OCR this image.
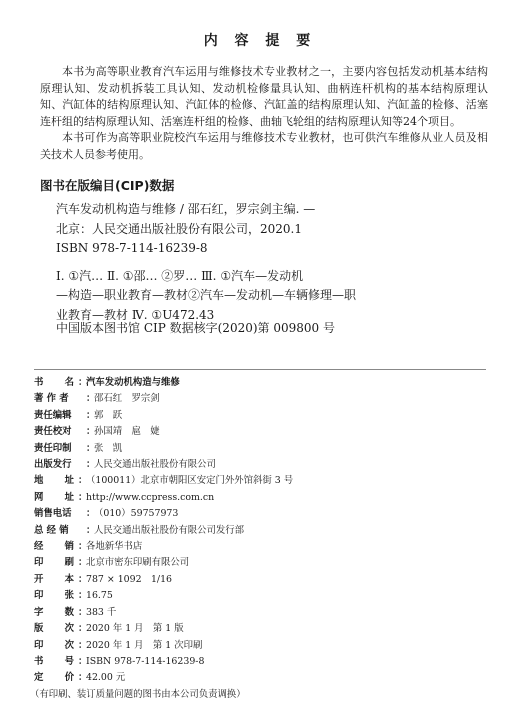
内 容 提 要

本书为高等职业教育汽车运用与维修技术专业教材之一，主要内容包括发动机基本结构原理认知、发动机拆装工具认知、发动机检修量具认知、曲柄连杆机构的基本结构原理认知、汽缸体的结构原理认知、汽缸体的检修、汽缸盖的结构原理认知、汽缸盖的检修、活塞连杆组的结构原理认知、活塞连杆组的检修、曲轴飞轮组的结构原理认知等24个项目。

本书可作为高等职业院校汽车运用与维修技术专业教材，也可供汽车维修从业人员及相关技术人员参考使用。

图书在版编目(CIP)数据
汽车发动机构造与维修 / 邵石红，罗宗剑主编. —
北京：人民交通出版社股份有限公司，2020.1
ISBN 978-7-114-16239-8
Ⅰ. ①汽… Ⅱ. ①邵… ②罗… Ⅲ. ①汽车—发动机
—构造—职业教育—教材②汽车—发动机—车辆修理—职
业教育—教材 Ⅳ. ①U472.43
中国版本图书馆 CIP 数据核字(2020)第 009800 号
书 名 ：
汽车发动机构造与维修
著 作 者	：
邵石红　罗宗剑
责任编辑	：
郭　跃
责任校对	：
孙国靖　扈　婕
责任印制	：
张　凯
出版发行	：
人民交通出版社股份有限公司
地 址 ：
（100011）北京市朝阳区安定门外外馆斜街 3 号
网 址 ：
http://www.ccpress.com.cn
销售电话	：
（010）59757973
总 经 销	：
人民交通出版社股份有限公司发行部
经 销 ：
各地新华书店
印 刷 ：
北京市密东印刷有限公司
开 本 ：
787 × 1092　1/16
印 张 ：
16.75
字 数 ：
383 千
版 次 ：
2020 年 1 月　第 1 版
印 次 ：
2020 年 1 月　第 1 次印刷
书 号 ：
ISBN 978-7-114-16239-8
定 价 ：
42.00 元
（有印刷、装订质量问题的图书由本公司负责调换）
